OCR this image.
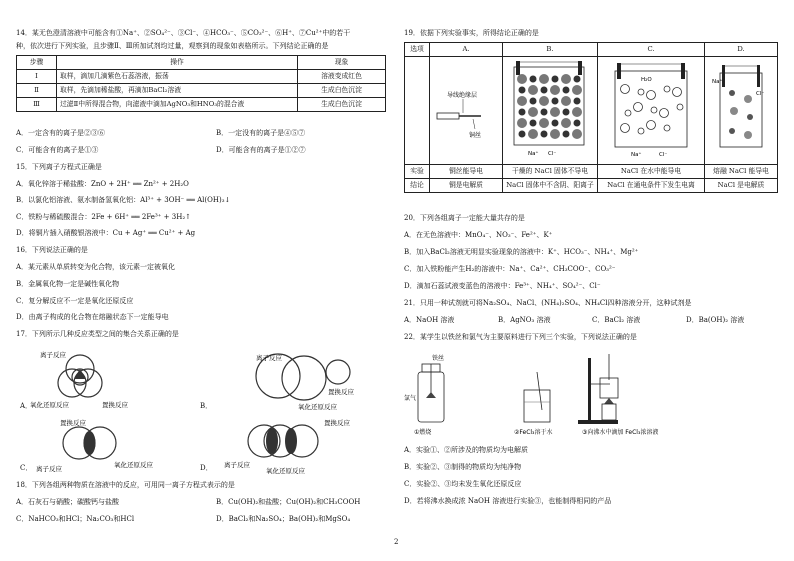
14．某无色澄清溶液中可能含有①Na⁺、②SO₄²⁻、③Cl⁻、④HCO₃⁻、⑤CO₃²⁻、⑥H⁺、⑦Cu²⁺中的若干
种，依次进行下列实验，且步骤Ⅱ、Ⅲ所加试剂均过量，观察到的现象如表格所示。下列结论正确的是
步骤	操作	现象
Ⅰ	取样，滴加几滴紫色石蕊溶液，振荡	溶液变成红色
Ⅱ	取样，先滴加稀盐酸，再滴加BaCl₂溶液	生成白色沉淀
Ⅲ	过滤Ⅱ中所得混合物，向滤液中滴加AgNO₃和HNO₃的混合液	生成白色沉淀
A．一定含有的离子是②③⑥	B．一定没有的离子是④⑤⑦
C．可能含有的离子是①③	D．可能含有的离子是①②⑦
15．下列离子方程式正确是
A．氧化锌溶于稀盐酸：ZnO + 2H⁺ ══ Zn²⁺ + 2H₂O
B．以氯化铝溶液、氨水制备氢氧化铝：Al³⁺ + 3OH⁻ ══ Al(OH)₃↓
C．铁粉与稀硫酸混合：2Fe + 6H⁺ ══ 2Fe³⁺ + 3H₂↑
D．将铜片插入硝酸银溶液中：Cu + Ag⁺ ══ Cu²⁺ + Ag
16．下列说法正确的是
A．某元素从单质转变为化合物，该元素一定被氧化
B．金属氧化物一定是碱性氧化物
C．复分解反应不一定是氧化还原反应
D．由离子构成的化合物在熔融状态下一定能导电
17．下列所示几种反应类型之间的集合关系正确的是
A．
离子反应
氧化还原反应	置换反应	B．
离子反应
置换反应
氧化还原反应
C．
置换反应
离子反应	氧化还原反应	D．
置换反应
离子反应
氧化还原反应
18．下列各组两种物质在溶液中的反应，可用同一离子方程式表示的是
A．石灰石与硝酸；碳酸钙与盐酸	B．Cu(OH)₂和盐酸；Cu(OH)₂和CH₃COOH
C．NaHCO₃和HCl；Na₂CO₃和HCl	D．BaCl₂和Na₂SO₄；Ba(OH)₂和MgSO₄
19．依据下列实验事实，所得结论正确的是
选项	A.	B.	C.	D.

导线绝缘层
铜丝	Na⁺ Cl⁻	H₂O
Na⁺ Cl⁻	Na⁺
Cl⁻

实验	铜丝能导电	干燥的 NaCl 固体不导电	NaCl 在水中能导电	熔融 NaCl 能导电
结论	铜是电解质	NaCl 固体中不含阴、阳离子	NaCl 在通电条件下发生电离	NaCl 是电解质
20．下列各组离子一定能大量共存的是
A．在无色溶液中：MnO₄⁻、NO₃⁻、Fe²⁺、K⁺
B．加入BaCl₂溶液无明显实验现象的溶液中：K⁺、HCO₃⁻、NH₄⁺、Mg²⁺
C．加入铁粉能产生H₂的溶液中：Na⁺、Ca²⁺、CH₃COO⁻、CO₃²⁻
D．滴加石蕊试液变蓝色的溶液中：Fe³⁺、NH₄⁺、SO₄²⁻、Cl⁻
21．只用一种试剂就可将Na₂SO₄、NaCl、(NH₄)₂SO₄、NH₄Cl四种溶液分开，这种试剂是
A．NaOH 溶液	B．AgNO₃ 溶液	C．BaCl₂ 溶液	D．Ba(OH)₂ 溶液
22．某学生以铁丝和氯气为主要原料进行下列三个实验，下列说法正确的是
铁丝
氯气
①燃烧	②FeCl₃溶于水	③向沸水中滴加 FeCl₃浓溶液
A．实验①、②所涉及的物质均为电解质
B．实验②、③制得的物质均为纯净物
C．实验②、③均未发生氧化还原反应
D．若将沸水换成浓 NaOH 溶液进行实验③，也能制得相同的产品
2
